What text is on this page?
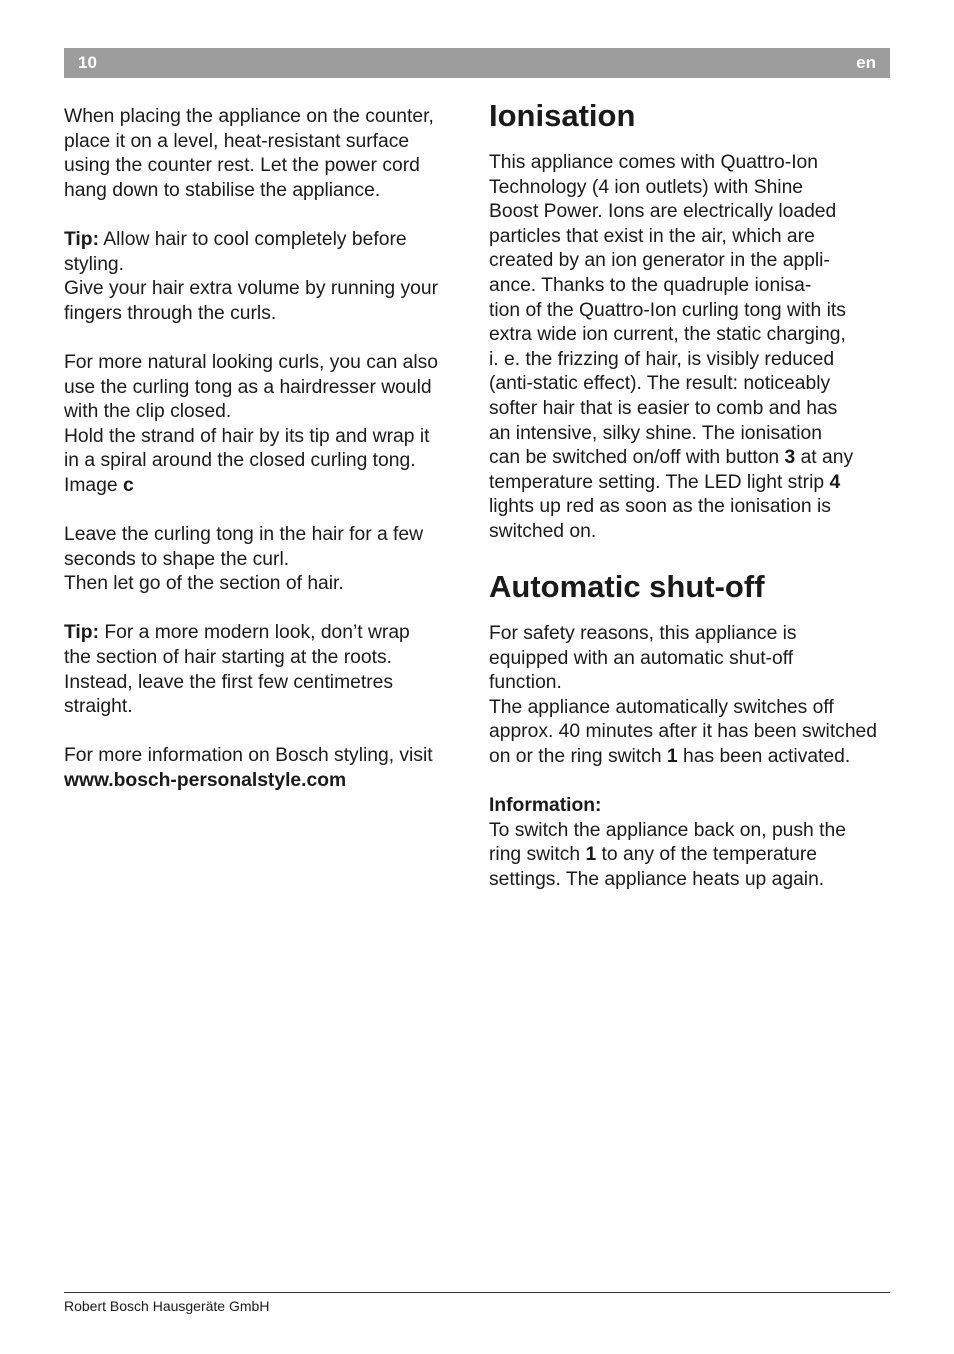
10	en

When placing the appliance on the counter,
place it on a level, heat-resistant surface
using the counter rest. Let the power cord
hang down to stabilise the appliance.

Tip: Allow hair to cool completely before
styling.
Give your hair extra volume by running your
fingers through the curls.

For more natural looking curls, you can also
use the curling tong as a hairdresser would
with the clip closed.
Hold the strand of hair by its tip and wrap it
in a spiral around the closed curling tong.
Image c

Leave the curling tong in the hair for a few
seconds to shape the curl.
Then let go of the section of hair.

Tip: For a more modern look, don’t wrap
the section of hair starting at the roots.
Instead, leave the first few centimetres
straight.

For more information on Bosch styling, visit
www.bosch-personalstyle.com

Ionisation

This appliance comes with Quattro-Ion
Technology (4 ion outlets) with Shine
Boost Power. Ions are electrically loaded
particles that exist in the air, which are
created by an ion generator in the appli-
ance. Thanks to the quadruple ionisa-
tion of the Quattro-Ion curling tong with its
extra wide ion current, the static charging,
i. e. the frizzing of hair, is visibly reduced
(anti-static effect). The result: noticeably
softer hair that is easier to comb and has
an intensive, silky shine. The ionisation
can be switched on/off with button 3 at any
temperature setting. The LED light strip 4
lights up red as soon as the ionisation is
switched on.

Automatic shut-off

For safety reasons, this appliance is
equipped with an automatic shut-off
function.
The appliance automatically switches off
approx. 40 minutes after it has been switched
on or the ring switch 1 has been activated.

Information:
To switch the appliance back on, push the
ring switch 1 to any of the temperature
settings. The appliance heats up again.

Robert Bosch Hausgeräte GmbH
